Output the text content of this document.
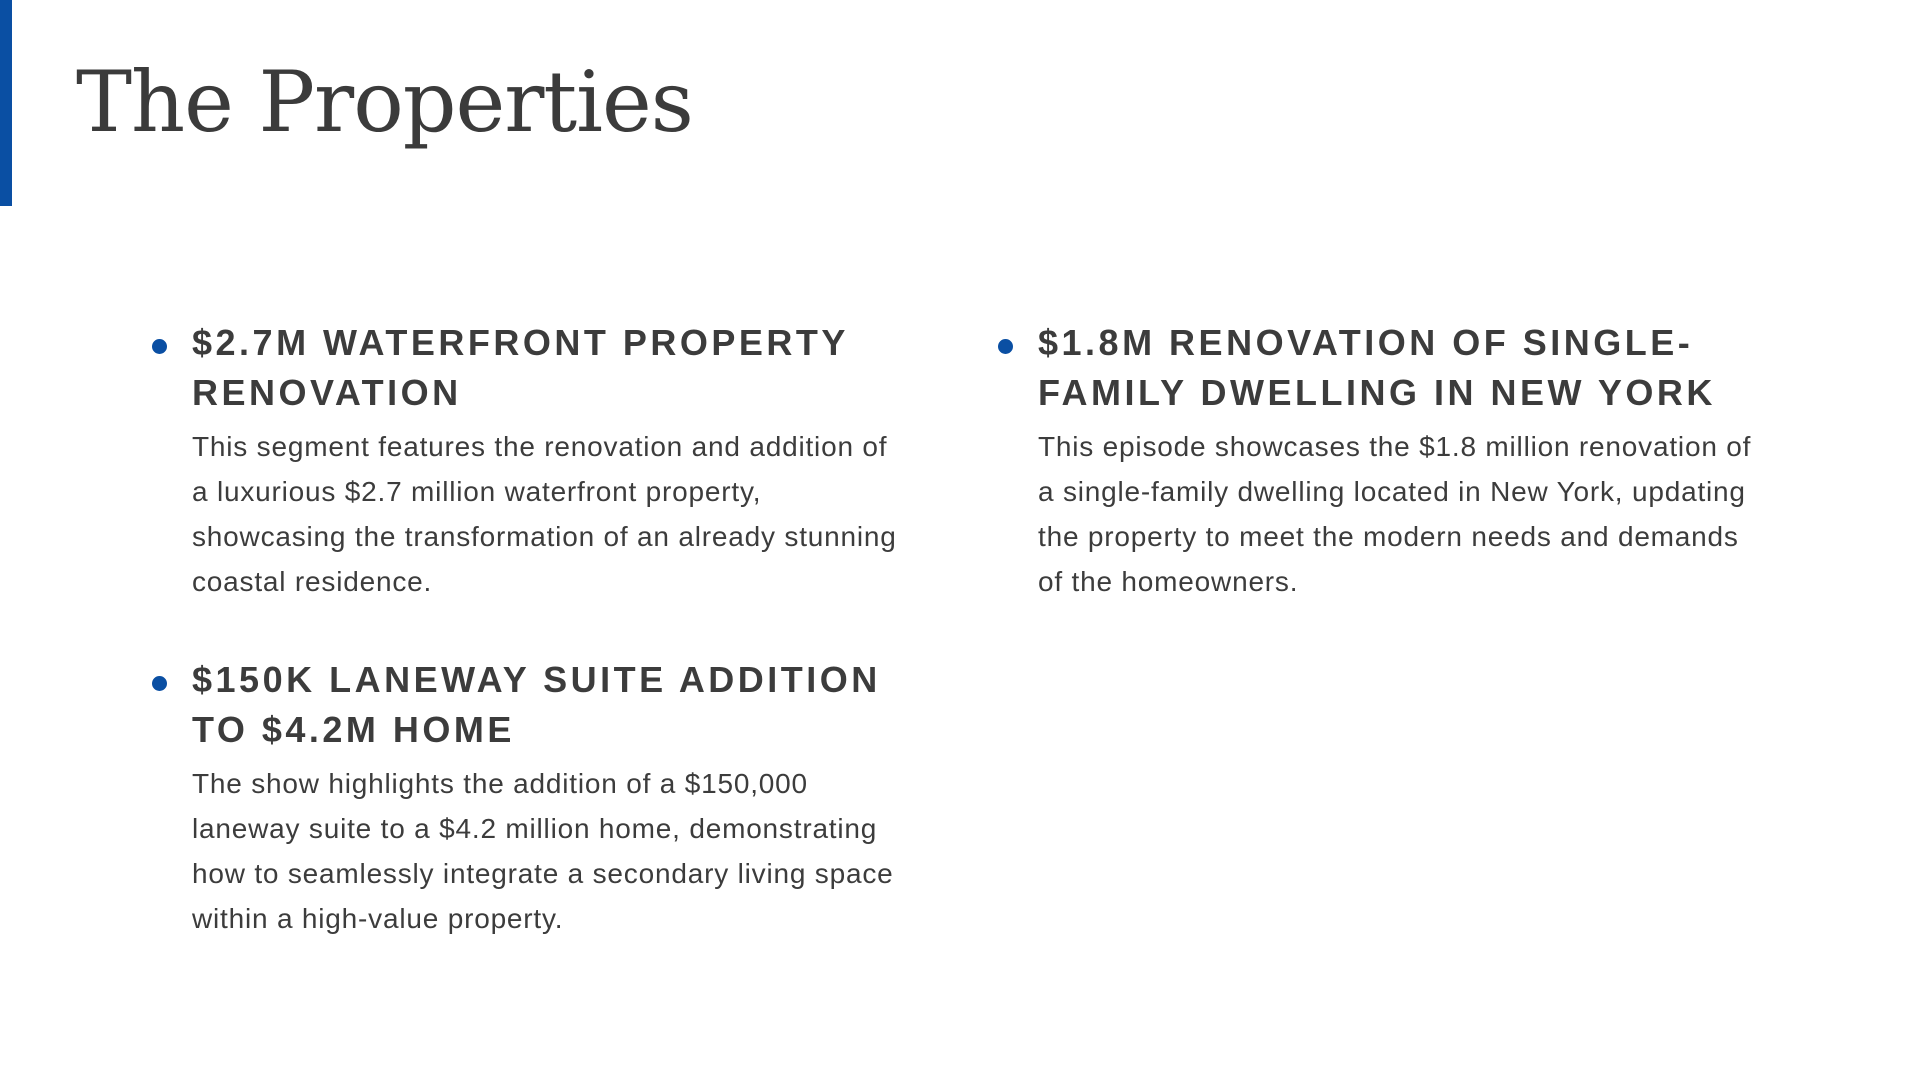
The Properties
$2.7M WATERFRONT PROPERTY RENOVATION

This segment features the renovation and addition of a luxurious $2.7 million waterfront property, showcasing the transformation of an already stunning coastal residence.

$150K LANEWAY SUITE ADDITION TO $4.2M HOME

The show highlights the addition of a $150,000 laneway suite to a $4.2 million home, demonstrating how to seamlessly integrate a secondary living space within a high-value property.

$1.8M RENOVATION OF SINGLE-FAMILY DWELLING IN NEW YORK

This episode showcases the $1.8 million renovation of a single-family dwelling located in New York, updating the property to meet the modern needs and demands of the homeowners.
